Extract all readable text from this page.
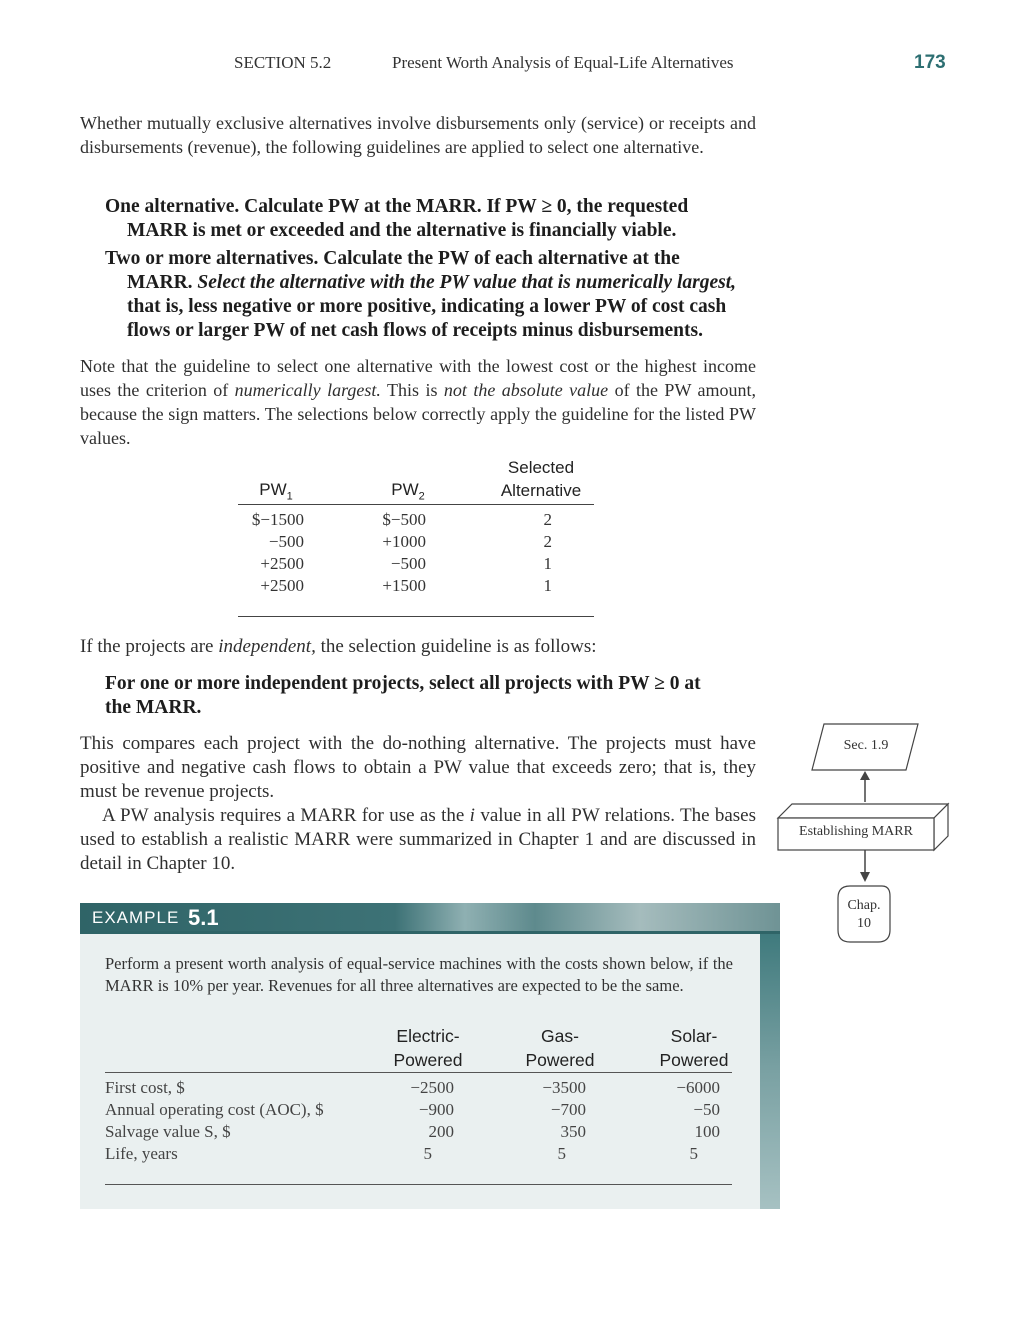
SECTION 5.2	Present Worth Analysis of Equal-Life Alternatives	173
Whether mutually exclusive alternatives involve disbursements only (service) or receipts and disbursements (revenue), the following guidelines are applied to select one alternative.
One alternative. Calculate PW at the MARR. If PW ≥ 0, the requested
MARR is met or exceeded and the alternative is financially viable.
Two or more alternatives. Calculate the PW of each alternative at the
MARR. Select the alternative with the PW value that is numerically largest,
that is, less negative or more positive, indicating a lower PW of cost cash
flows or larger PW of net cash flows of receipts minus disbursements.
Note that the guideline to select one alternative with the lowest cost or the highest income uses the criterion of numerically largest. This is not the absolute value of the PW amount, because the sign matters. The selections below correctly apply the guideline for the listed PW values.
$PW_1$	$PW_2$
Selected
Alternative
$−1500	$−500	2
−500	+1000	2
+2500	−500	1
+2500	+1500	1
If the projects are independent, the selection guideline is as follows:
For one or more independent projects, select all projects with PW ≥ 0 at
the MARR.
This compares each project with the do-nothing alternative. The projects must have positive and negative cash flows to obtain a PW value that exceeds zero; that is, they must be revenue projects.
A PW analysis requires a MARR for use as the i value in all PW relations. The bases used to establish a realistic MARR were summarized in Chapter 1 and are discussed in detail in Chapter 10.
Sec. 1.9
Establishing MARR
Chap.
10
EXAMPLE 5.1
Perform a present worth analysis of equal-service machines with the costs shown below, if the MARR is 10% per year. Revenues for all three alternatives are expected to be the same.
Electric-
Powered
Gas-
Powered
Solar-
Powered
First cost, $	−2500	−3500	−6000
Annual operating cost (AOC), $	−900	−700	−50
Salvage value S, $	200	350	100
Life, years	5	5	5
